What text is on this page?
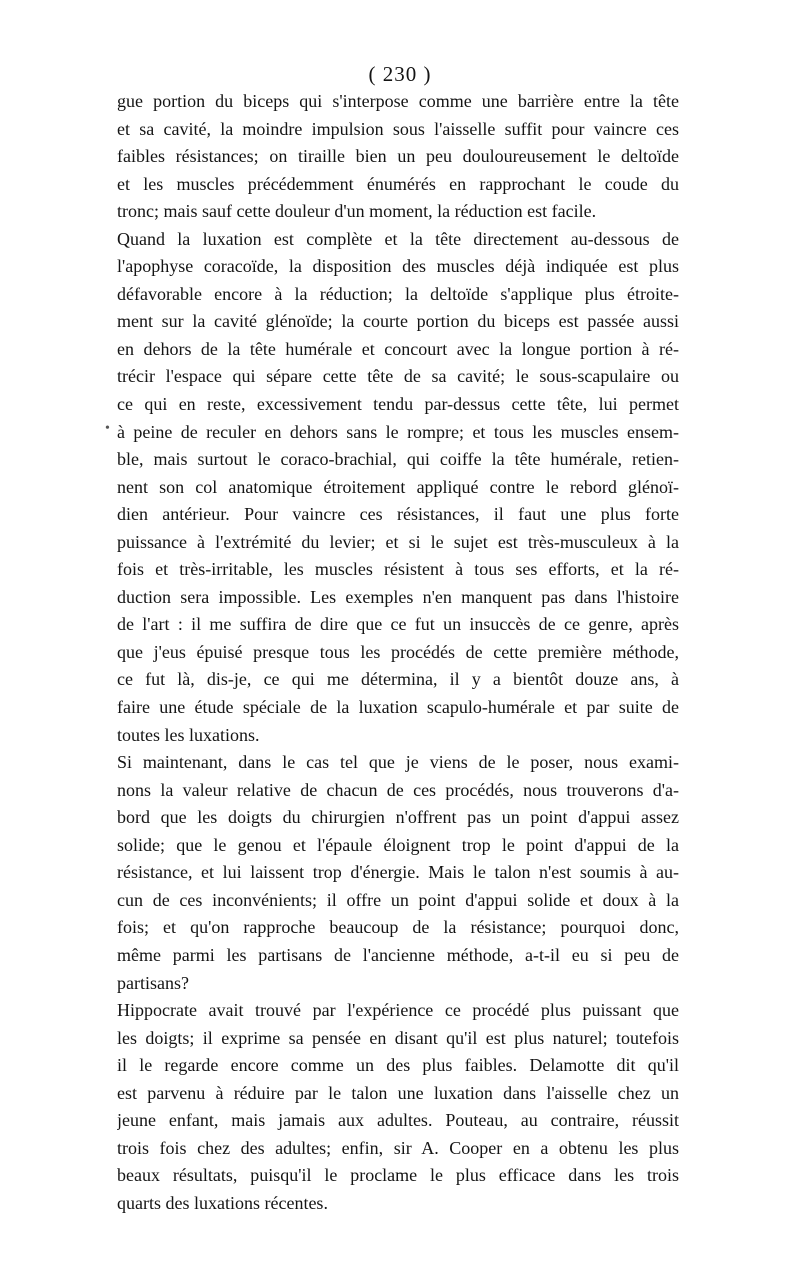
( 230 )
•
gue portion du biceps qui s'interpose comme une barrière entre la tête
et sa cavité, la moindre impulsion sous l'aisselle suffit pour vaincre ces
faibles résistances; on tiraille bien un peu douloureusement le deltoïde
et les muscles précédemment énumérés en rapprochant le coude du
tronc; mais sauf cette douleur d'un moment, la réduction est facile.
Quand la luxation est complète et la tête directement au-dessous de
l'apophyse coracoïde, la disposition des muscles déjà indiquée est plus
défavorable encore à la réduction; la deltoïde s'applique plus étroite-
ment sur la cavité glénoïde; la courte portion du biceps est passée aussi
en dehors de la tête humérale et concourt avec la longue portion à ré-
trécir l'espace qui sépare cette tête de sa cavité; le sous-scapulaire ou
ce qui en reste, excessivement tendu par-dessus cette tête, lui permet
à peine de reculer en dehors sans le rompre; et tous les muscles ensem-
ble, mais surtout le coraco-brachial, qui coiffe la tête humérale, retien-
nent son col anatomique étroitement appliqué contre le rebord glénoï-
dien antérieur. Pour vaincre ces résistances, il faut une plus forte
puissance à l'extrémité du levier; et si le sujet est très-musculeux à la
fois et très-irritable, les muscles résistent à tous ses efforts, et la ré-
duction sera impossible. Les exemples n'en manquent pas dans l'histoire
de l'art : il me suffira de dire que ce fut un insuccès de ce genre, après
que j'eus épuisé presque tous les procédés de cette première méthode,
ce fut là, dis-je, ce qui me détermina, il y a bientôt douze ans, à
faire une étude spéciale de la luxation scapulo-humérale et par suite de
toutes les luxations.
Si maintenant, dans le cas tel que je viens de le poser, nous exami-
nons la valeur relative de chacun de ces procédés, nous trouverons d'a-
bord que les doigts du chirurgien n'offrent pas un point d'appui assez
solide; que le genou et l'épaule éloignent trop le point d'appui de la
résistance, et lui laissent trop d'énergie. Mais le talon n'est soumis à au-
cun de ces inconvénients; il offre un point d'appui solide et doux à la
fois; et qu'on rapproche beaucoup de la résistance; pourquoi donc,
même parmi les partisans de l'ancienne méthode, a-t-il eu si peu de
partisans?
Hippocrate avait trouvé par l'expérience ce procédé plus puissant que
les doigts; il exprime sa pensée en disant qu'il est plus naturel; toutefois
il le regarde encore comme un des plus faibles. Delamotte dit qu'il
est parvenu à réduire par le talon une luxation dans l'aisselle chez un
jeune enfant, mais jamais aux adultes. Pouteau, au contraire, réussit
trois fois chez des adultes; enfin, sir A. Cooper en a obtenu les plus
beaux résultats, puisqu'il le proclame le plus efficace dans les trois
quarts des luxations récentes.
